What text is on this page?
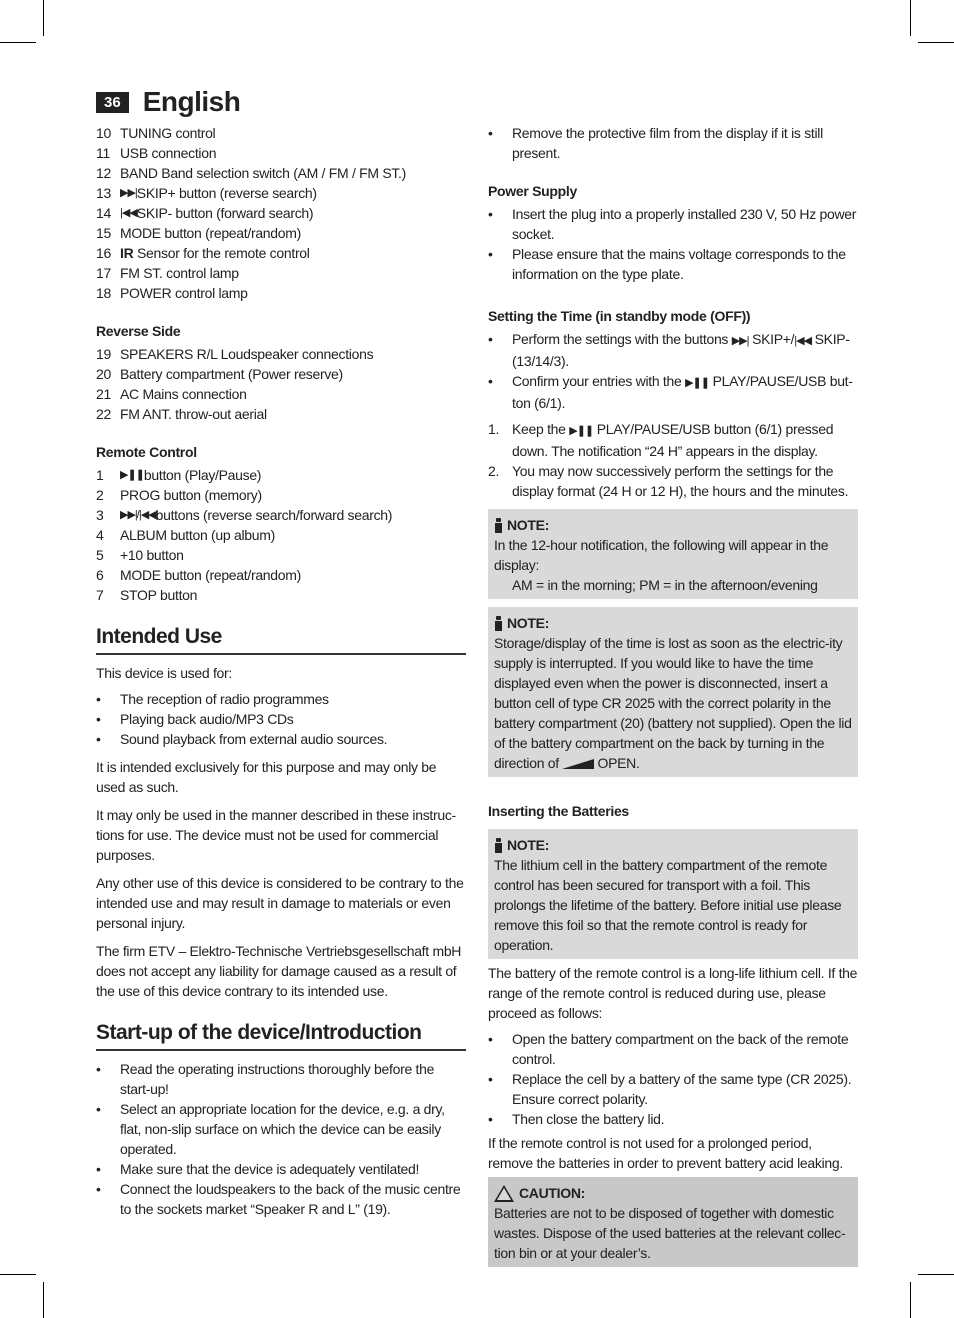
36 English
10 TUNING control
11 USB connection
12 BAND Band selection switch (AM / FM / FM ST.)
13 ▶▶| SKIP+ button (reverse search)
14 |◀◀ SKIP- button (forward search)
15 MODE button (repeat/random)
16 IR Sensor for the remote control
17 FM ST. control lamp
18 POWER control lamp
Reverse Side
19 SPEAKERS R/L Loudspeaker connections
20 Battery compartment (Power reserve)
21 AC Mains connection
22 FM ANT. throw-out aerial
Remote Control
1	▶❚❚ button (Play/Pause)
2	PROG button (memory)
3	▶▶|/|◀◀ buttons (reverse search/forward search)
4	ALBUM button (up album)
5	+10 button
6	MODE button (repeat/random)
7	STOP button
Intended Use
This device is used for:
•	The reception of radio programmes
•	Playing back audio/MP3 CDs
•	Sound playback from external audio sources.

It is intended exclusively for this purpose and may only be used as such.

It may only be used in the manner described in these instruc-tions for use. The device must not be used for commercial purposes.

Any other use of this device is considered to be contrary to the intended use and may result in damage to materials or even personal injury.

The firm ETV – Elektro-Technische Vertriebsgesellschaft mbH does not accept any liability for damage caused as a result of the use of this device contrary to its intended use.

Start-up of the device/Introduction
•	Read the operating instructions thoroughly before the start-up!
•	Select an appropriate location for the device, e.g. a dry, flat, non-slip surface on which the device can be easily operated.
•	Make sure that the device is adequately ventilated!
•	Connect the loudspeakers to the back of the music centre to the sockets market “Speaker R and L” (19).
•	Remove the protective film from the display if it is still present.
Power Supply
•	Insert the plug into a properly installed 230 V, 50 Hz power socket.
•	Please ensure that the mains voltage corresponds to the information on the type plate.
Setting the Time (in standby mode (OFF))
•	Perform the settings with the buttons ▶▶| SKIP+/|◀◀ SKIP- (13/14/3).
•	Confirm your entries with the ▶❚❚ PLAY/PAUSE/USB but-ton (6/1).
1. Keep the ▶❚❚ PLAY/PAUSE/USB button (6/1) pressed down. The notification “24 H” appears in the display.
2. You may now successively perform the settings for the display format (24 H or 12 H), the hours and the minutes.
NOTE:
In the 12-hour notification, the following will appear in the display:
AM = in the morning; PM = in the afternoon/evening
NOTE:
Storage/display of the time is lost as soon as the electric-ity supply is interrupted. If you would like to have the time displayed even when the power is disconnected, insert a button cell of type CR 2025 with the correct polarity in the battery compartment (20) (battery not supplied). Open the lid of the battery compartment on the back by turning in the direction of	OPEN.
Inserting the Batteries
NOTE:
The lithium cell in the battery compartment of the remote control has been secured for transport with a foil. This prolongs the lifetime of the battery. Before initial use please remove this foil so that the remote control is ready for operation.

The battery of the remote control is a long-life lithium cell. If the range of the remote control is reduced during use, please proceed as follows:

•	Open the battery compartment on the back of the remote control.
•	Replace the cell by a battery of the same type (CR 2025). Ensure correct polarity.
•	Then close the battery lid.

If the remote control is not used for a prolonged period, remove the batteries in order to prevent battery acid leaking.

CAUTION:
Batteries are not to be disposed of together with domestic wastes. Dispose of the used batteries at the relevant collec-tion bin or at your dealer’s.
